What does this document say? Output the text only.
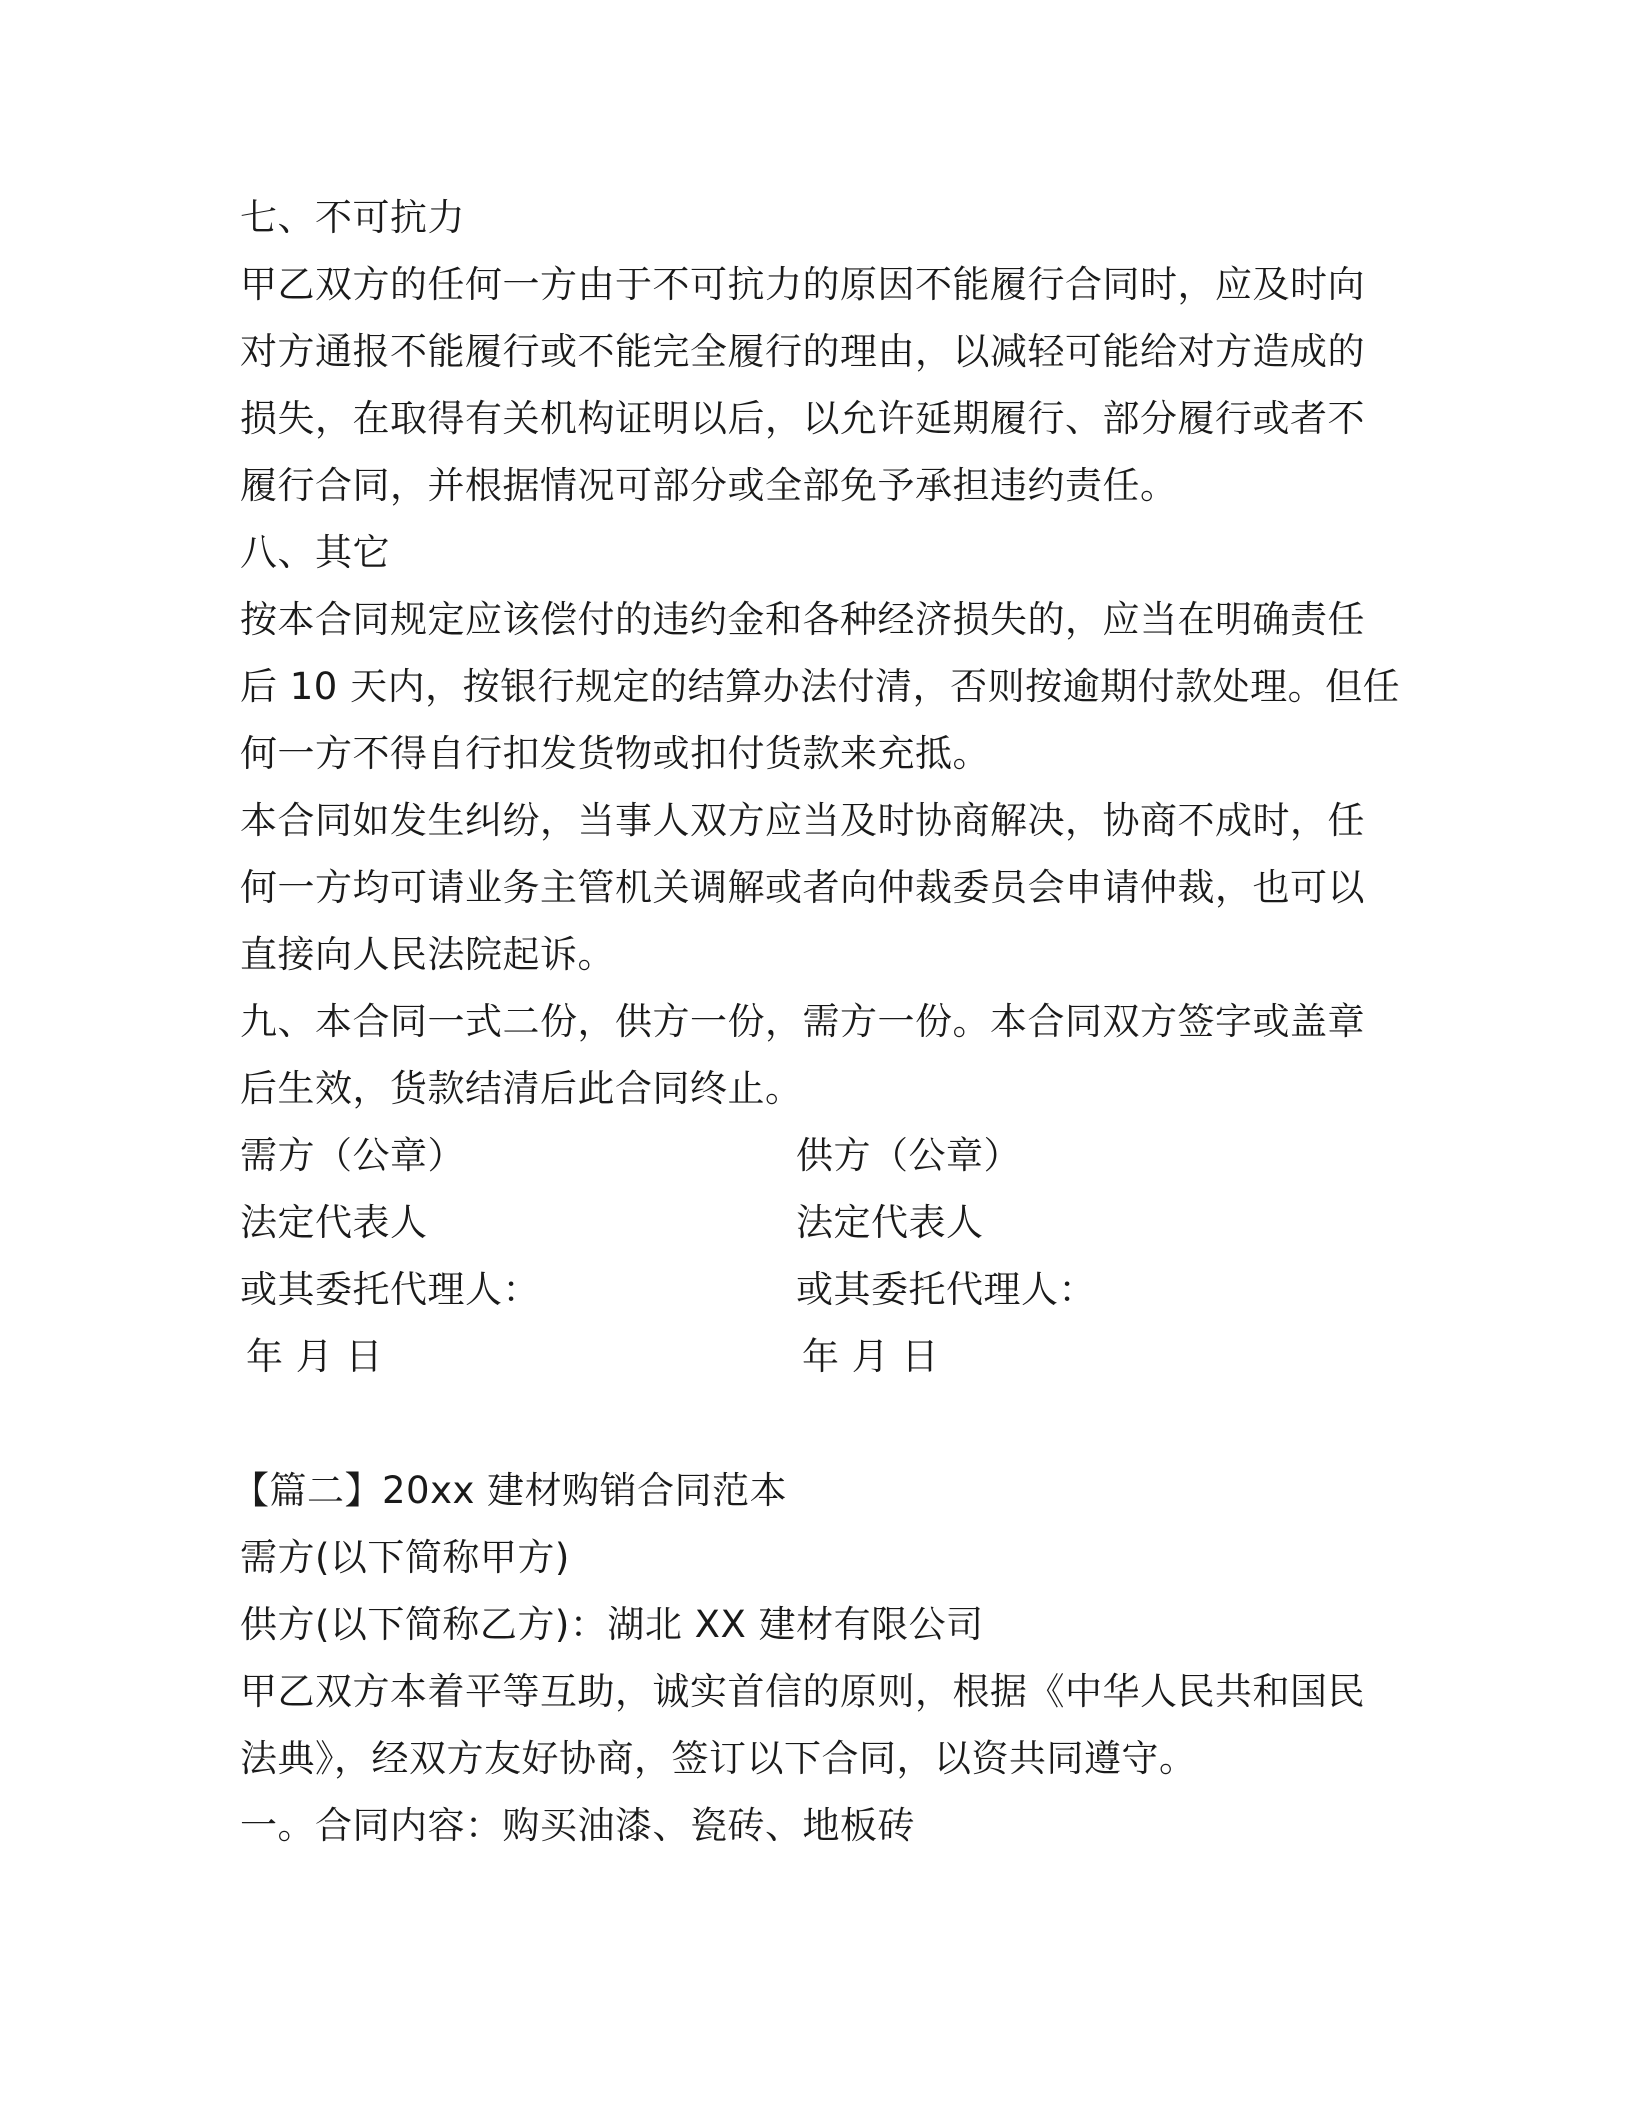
七、不可抗力
甲乙双方的任何一方由于不可抗力的原因不能履行合同时，应及时向
对方通报不能履行或不能完全履行的理由，以减轻可能给对方造成的
损失，在取得有关机构证明以后，以允许延期履行、部分履行或者不
履行合同，并根据情况可部分或全部免予承担违约责任。
八、其它
按本合同规定应该偿付的违约金和各种经济损失的，应当在明确责任
后 10 天内，按银行规定的结算办法付清，否则按逾期付款处理。但任
何一方不得自行扣发货物或扣付货款来充抵。
本合同如发生纠纷，当事人双方应当及时协商解决，协商不成时，任
何一方均可请业务主管机关调解或者向仲裁委员会申请仲裁，也可以
直接向人民法院起诉。
九、本合同一式二份，供方一份，需方一份。本合同双方签字或盖章
后生效，货款结清后此合同终止。
需方（公章）	供方（公章）
法定代表人	法定代表人
或其委托代理人：	或其委托代理人：
年 月 日	年 月 日
【篇二】20xx 建材购销合同范本
需方(以下简称甲方)
供方(以下简称乙方)：湖北 XX 建材有限公司
甲乙双方本着平等互助，诚实首信的原则，根据《中华人民共和国民
法典》，经双方友好协商，签订以下合同，以资共同遵守。
一。合同内容：购买油漆、瓷砖、地板砖
